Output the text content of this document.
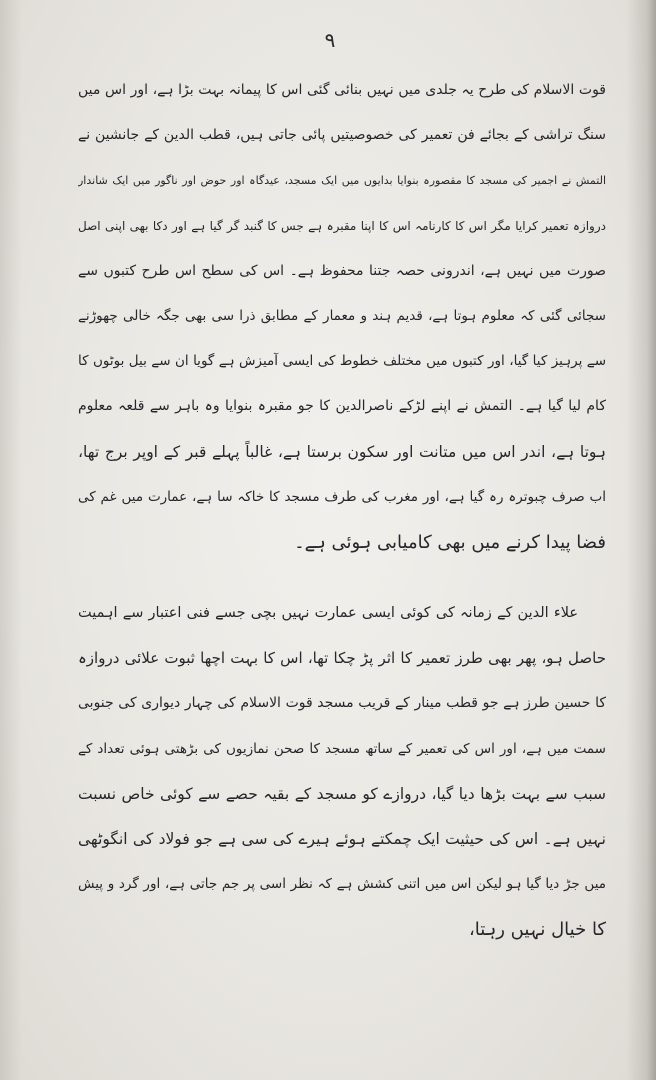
۹
قوت الاسلام کی طرح یہ جلدی میں نہیں بنائی گئی اس کا پیمانہ بہت بڑا ہے، اور اس میں
سنگ تراشی کے بجائے فن تعمیر کی خصوصیتیں پائی جاتی ہیں، قطب الدین کے جانشین نے
التمش نے اجمیر کی مسجد کا مقصورہ بنوایا بدایوں میں ایک مسجد، عیدگاہ اور حوض اور ناگور میں ایک شاندار
دروازہ تعمیر کرایا مگر اس کا کارنامہ اس کا اپنا مقبرہ ہے جس کا گنبد گر گیا ہے اور دکا بھی اپنی اصل
صورت میں نہیں ہے، اندرونی حصہ جتنا محفوظ ہے۔ اس کی سطح اس طرح کتبوں سے
سجائی گئی کہ معلوم ہوتا ہے، قدیم ہند و معمار کے مطابق ذرا سی بھی جگہ خالی چھوڑنے
سے پرہیز کیا گیا، اور کتبوں میں مختلف خطوط کی ایسی آمیزش ہے گویا ان سے بیل بوٹوں کا
کام لیا گیا ہے۔ التمش نے اپنے لڑکے ناصرالدین کا جو مقبرہ بنوایا وہ باہر سے قلعہ معلوم
ہوتا ہے، اندر اس میں متانت اور سکون برستا ہے، غالباً پہلے قبر کے اوپر برج تھا،
اب صرف چبوترہ رہ گیا ہے، اور مغرب کی طرف مسجد کا خاکہ سا ہے، عمارت میں غم کی
فضا پیدا کرنے میں بھی کامیابی ہوئی ہے۔
علاء الدین کے زمانہ کی کوئی ایسی عمارت نہیں بچی جسے فنی اعتبار سے اہمیت
حاصل ہو، پھر بھی طرز تعمیر کا اثر پڑ چکا تھا، اس کا بہت اچھا ثبوت علائی دروازہ
کا حسین طرز ہے جو قطب مینار کے قریب مسجد قوت الاسلام کی چہار دیواری کی جنوبی
سمت میں ہے، اور اس کی تعمیر کے ساتھ مسجد کا صحن نمازیوں کی بڑھتی ہوئی تعداد کے
سبب سے بہت بڑھا دیا گیا، دروازے کو مسجد کے بقیہ حصے سے کوئی خاص نسبت
نہیں ہے۔ اس کی حیثیت ایک چمکتے ہوئے ہیرے کی سی ہے جو فولاد کی انگوٹھی
میں جڑ دیا گیا ہو لیکن اس میں اتنی کشش ہے کہ نظر اسی پر جم جاتی ہے، اور گرد و پیش
کا خیال نہیں رہتا،
